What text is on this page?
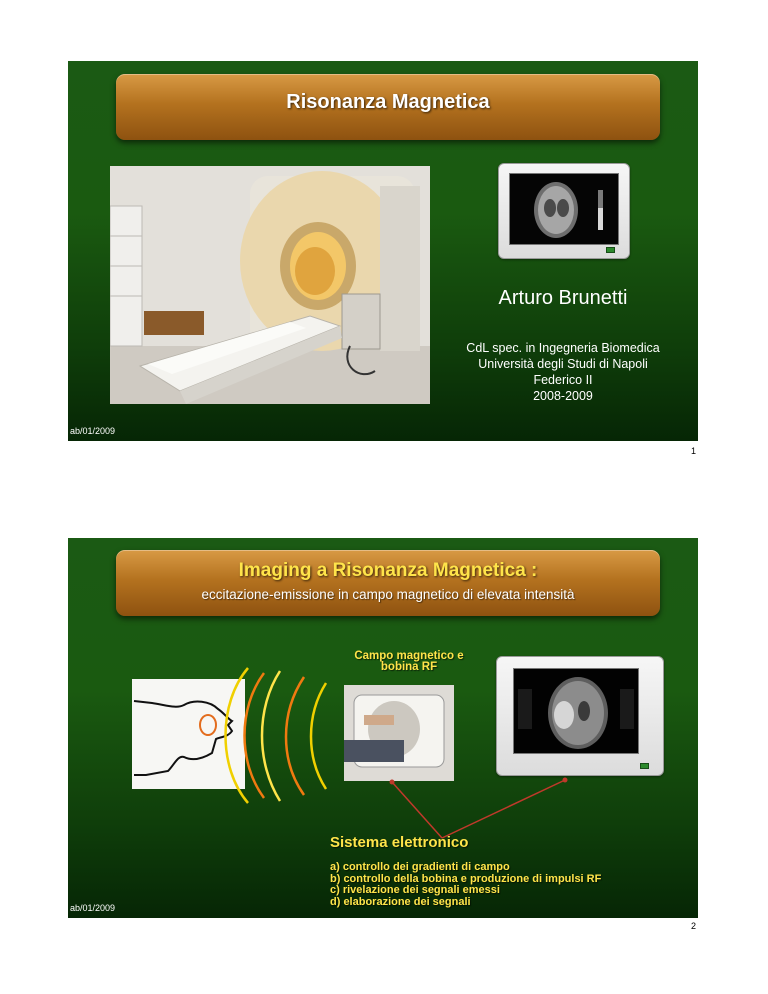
Risonanza Magnetica
Arturo Brunetti
CdL spec. in Ingegneria Biomedica
Università degli Studi di Napoli
Federico II
2008-2009
ab/01/2009
1
Imaging a Risonanza Magnetica :
eccitazione-emissione in campo magnetico di elevata intensità
Campo magnetico e
bobina RF
Sistema elettronico
a) controllo dei gradienti di campo
b) controllo della bobina e produzione di impulsi RF
c) rivelazione dei segnali emessi
d) elaborazione dei segnali
ab/01/2009
2
